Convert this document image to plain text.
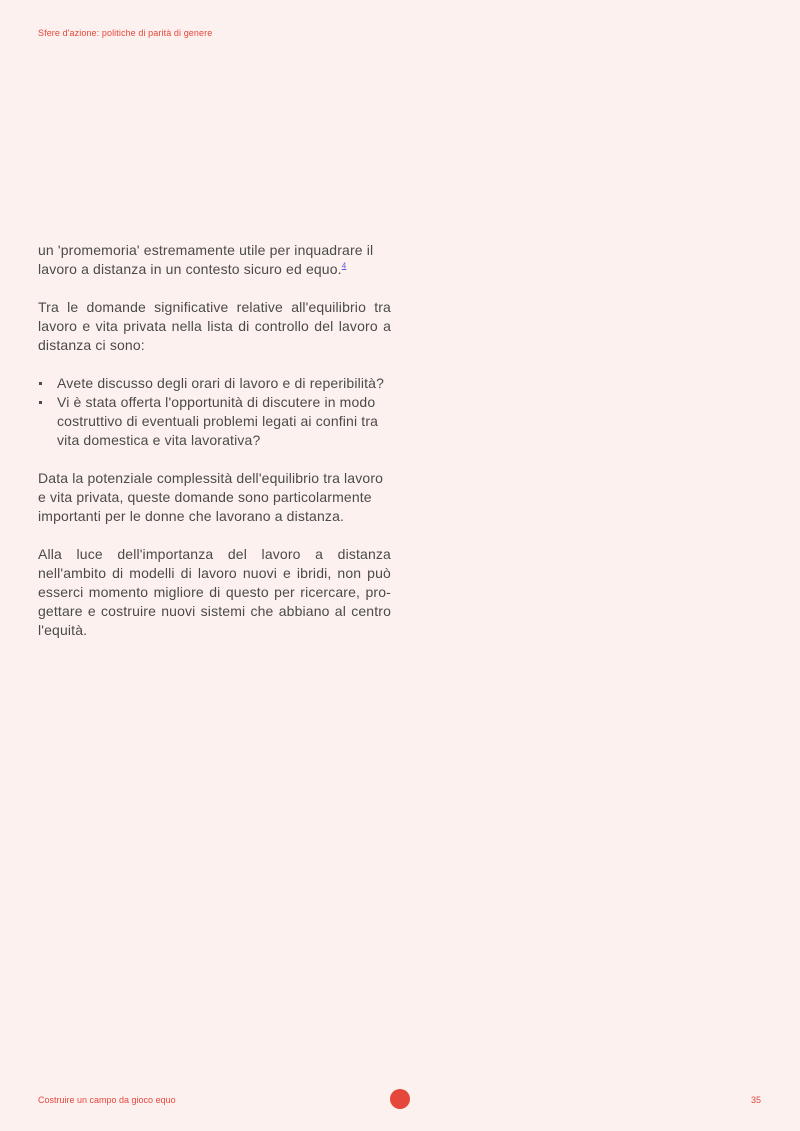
Sfere d'azione: politiche di parità di genere

un 'promemoria' estremamente utile per inquadrare il lavoro a distanza in un contesto sicuro ed equo.$^4$

Tra le domande significative relative all'equilibrio tra lavoro e vita privata nella lista di controllo del lavoro a distanza ci sono:

Avete discusso degli orari di lavoro e di reperibilità?
Vi è stata offerta l'opportunità di discutere in modo costruttivo di eventuali problemi legati ai confini tra vita domestica e vita lavorativa?

Data la potenziale complessità dell'equilibrio tra lavoro e vita privata, queste domande sono particolarmente importanti per le donne che lavorano a distanza.

Alla luce dell'importanza del lavoro a distanza nell'ambito di modelli di lavoro nuovi e ibridi, non può esserci momento migliore di questo per ricercare, pro-gettare e costruire nuovi sistemi che abbiano al centro l'equità.

Costruire un campo da gioco equo	35
